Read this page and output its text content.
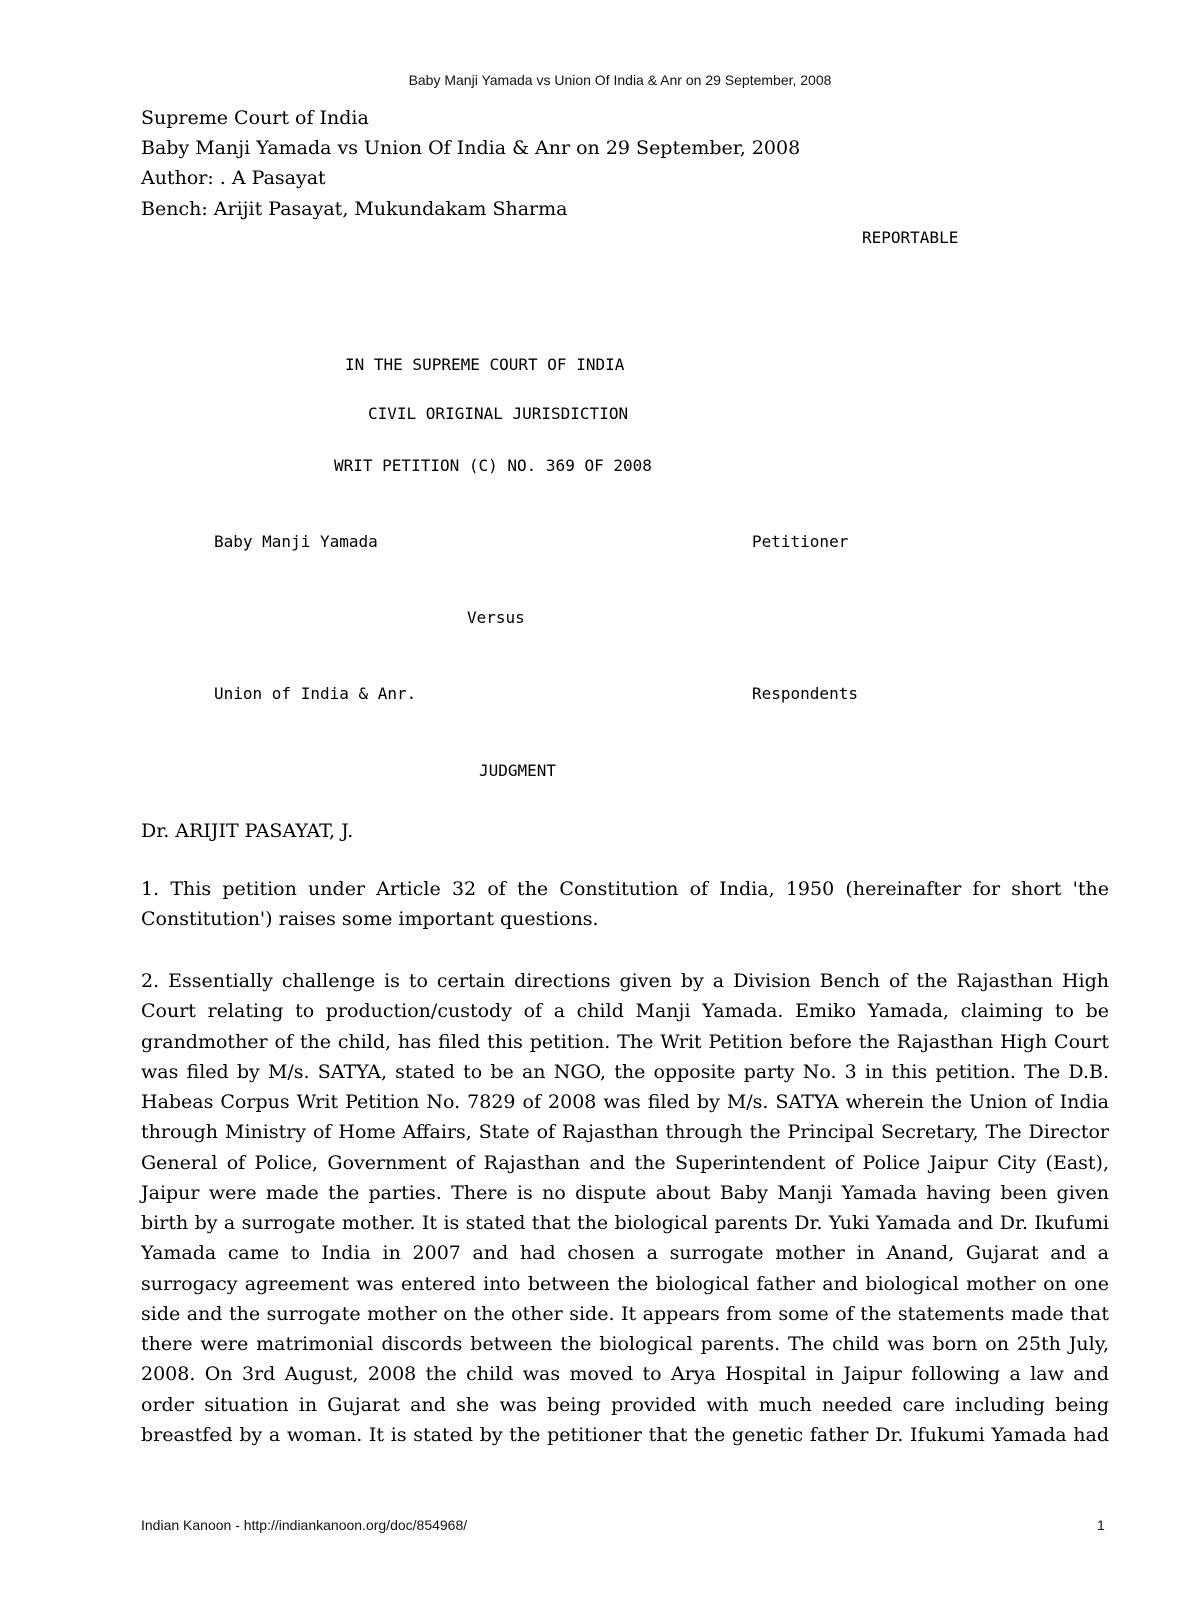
Baby Manji Yamada vs Union Of India & Anr on 29 September, 2008
Supreme Court of India
Baby Manji Yamada vs Union Of India & Anr on 29 September, 2008
Author: . A Pasayat
Bench: Arijit Pasayat, Mukundakam Sharma
REPORTABLE
IN THE SUPREME COURT OF INDIA
CIVIL ORIGINAL JURISDICTION
WRIT PETITION (C) NO. 369 OF 2008
Baby Manji Yamada	Petitioner
Versus
Union of India & Anr.	Respondents
JUDGMENT
Dr. ARIJIT PASAYAT, J.
1. This petition under Article 32 of the Constitution of India, 1950 (hereinafter for short 'the
Constitution') raises some important questions.
2. Essentially challenge is to certain directions given by a Division Bench of the Rajasthan High
Court relating to production/custody of a child Manji Yamada. Emiko Yamada, claiming to be
grandmother of the child, has filed this petition. The Writ Petition before the Rajasthan High Court
was filed by M/s. SATYA, stated to be an NGO, the opposite party No. 3 in this petition. The D.B.
Habeas Corpus Writ Petition No. 7829 of 2008 was filed by M/s. SATYA wherein the Union of India
through Ministry of Home Affairs, State of Rajasthan through the Principal Secretary, The Director
General of Police, Government of Rajasthan and the Superintendent of Police Jaipur City (East),
Jaipur were made the parties. There is no dispute about Baby Manji Yamada having been given
birth by a surrogate mother. It is stated that the biological parents Dr. Yuki Yamada and Dr. Ikufumi
Yamada came to India in 2007 and had chosen a surrogate mother in Anand, Gujarat and a
surrogacy agreement was entered into between the biological father and biological mother on one
side and the surrogate mother on the other side. It appears from some of the statements made that
there were matrimonial discords between the biological parents. The child was born on 25th July,
2008. On 3rd August, 2008 the child was moved to Arya Hospital in Jaipur following a law and
order situation in Gujarat and she was being provided with much needed care including being
breastfed by a woman. It is stated by the petitioner that the genetic father Dr. Ifukumi Yamada had
Indian Kanoon - http://indiankanoon.org/doc/854968/	1
